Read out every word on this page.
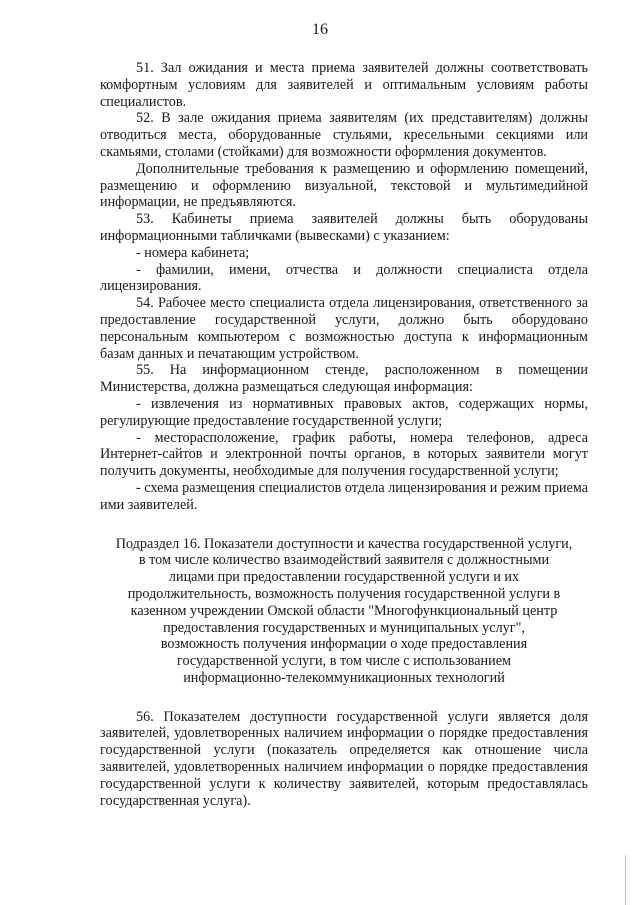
16

51. Зал ожидания и места приема заявителей должны соответствовать комфортным условиям для заявителей и оптимальным условиям работы специалистов.

52. В зале ожидания приема заявителям (их представителям) должны отводиться места, оборудованные стульями, кресельными секциями или скамьями, столами (стойками) для возможности оформления документов.

Дополнительные требования к размещению и оформлению помещений, размещению и оформлению визуальной, текстовой и мультимедийной информации, не предъявляются.

53. Кабинеты приема заявителей должны быть оборудованы информационными табличками (вывесками) с указанием:

- номера кабинета;

- фамилии, имени, отчества и должности специалиста отдела лицензирования.

54. Рабочее место специалиста отдела лицензирования, ответственного за предоставление государственной услуги, должно быть оборудовано персональным компьютером с возможностью доступа к информационным базам данных и печатающим устройством.

55. На информационном стенде, расположенном в помещении Министерства, должна размещаться следующая информация:

- извлечения из нормативных правовых актов, содержащих нормы, регулирующие предоставление государственной услуги;

- месторасположение, график работы, номера телефонов, адреса Интернет-сайтов и электронной почты органов, в которых заявители могут получить документы, необходимые для получения государственной услуги;

- схема размещения специалистов отдела лицензирования и режим приема ими заявителей.

Подраздел 16. Показатели доступности и качества государственной услуги,
в том числе количество взаимодействий заявителя с должностными
лицами при предоставлении государственной услуги и их
продолжительность, возможность получения государственной услуги в
казенном учреждении Омской области "Многофункциональный центр
предоставления государственных и муниципальных услуг",
возможность получения информации о ходе предоставления
государственной услуги, в том числе с использованием
информационно-телекоммуникационных технологий

56. Показателем доступности государственной услуги является доля заявителей, удовлетворенных наличием информации о порядке предоставления государственной услуги (показатель определяется как отношение числа заявителей, удовлетворенных наличием информации о порядке предоставления государственной услуги к количеству заявителей, которым предоставлялась государственная услуга).
